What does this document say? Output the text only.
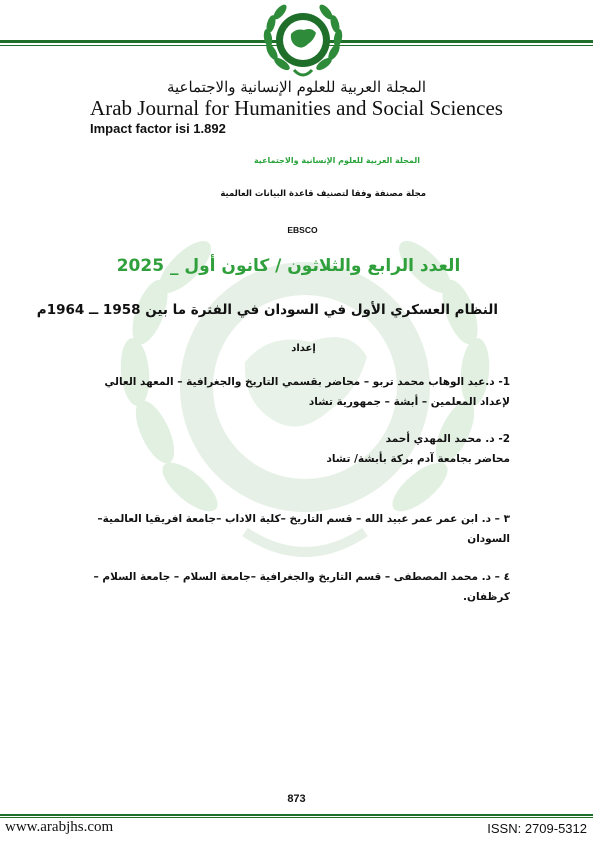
المجلة العربية للعلوم الإنسانية والاجتماعية
Arab Journal for Humanities and Social Sciences
Impact factor isi 1.892
المجلة العربية للعلوم الإنسانية والاجتماعية
مجلة مصنفة وفقا لتصنيف قاعدة البيانات العالمية
EBSCO
العدد الرابع والثلاثون / كانون أول _ 2025
النظام العسكري الأول في السودان في الفترة ما بين 1958 ــ 1964م
إعداد
1- د.عبد الوهاب محمد تربو – محاضر بقسمي التاريخ والجغرافية – المعهد العالي
لإعداد المعلمين – أبشة – جمهورية تشاد
2- د. محمد المهدي أحمد
محاضر بجامعة آدم بركة بأبشة/ تشاد
٣ – د. ابن عمر عمر عبيد الله – قسم التاريخ –كلية الاداب –جامعة افريقيا العالمية–
السودان
٤ – د. محمد المصطفى – قسم التاريخ والجغرافية –جامعة السلام – جامعة السلام –
كرظفان.
873
www.arabjhs.com	ISSN: 2709-5312
